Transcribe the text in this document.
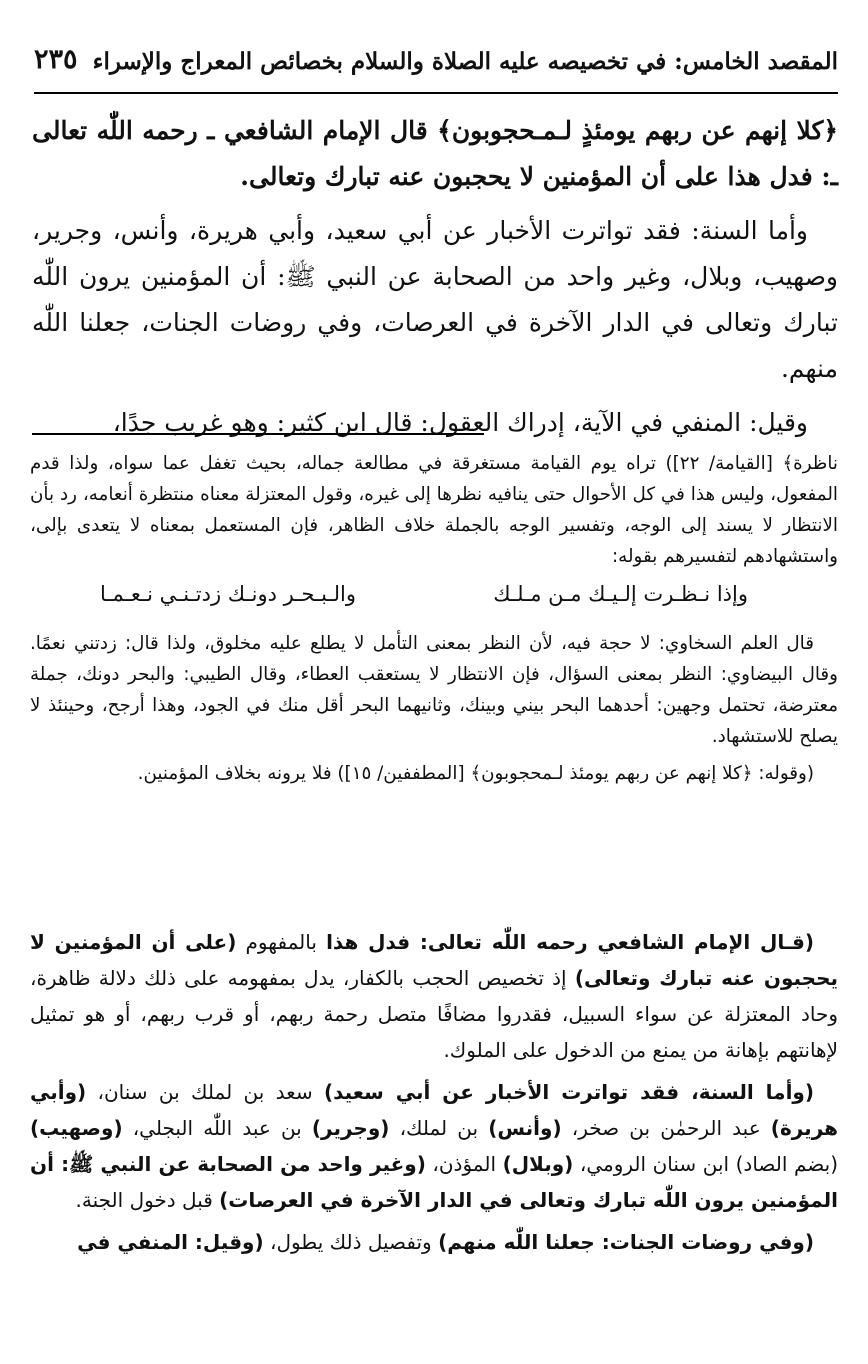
المقصد الخامس: في تخصيصه عليه الصلاة والسلام بخصائص المعراج والإسراء
٢٣٥

﴿كلا إنهم عن ربهم يومئذٍ لـمـحجوبون﴾ قال الإمام الشافعي ـ رحمه اللّٰه تعالى ـ: فدل هذا على أن المؤمنين لا يحجبون عنه تبارك وتعالى.

وأما السنة: فقد تواترت الأخبار عن أبي سعيد، وأبي هريرة، وأنس، وجرير، وصهيب، وبلال، وغير واحد من الصحابة عن النبي ﷺ: أن المؤمنين يرون اللّٰه تبارك وتعالى في الدار الآخرة في العرصات، وفي روضات الجنات، جعلنا اللّٰه منهم.

وقيل: المنفي في الآية، إدراك العقول: قال ابن كثير: وهو غريب جدًا،

ناظرة﴾ [القيامة/ ٢٢]) تراه يوم القيامة مستغرقة في مطالعة جماله، بحيث تغفل عما سواه، ولذا قدم المفعول، وليس هذا في كل الأحوال حتى ينافيه نظرها إلى غيره، وقول المعتزلة معناه منتظرة أنعامه، رد بأن الانتظار لا يسند إلى الوجه، وتفسير الوجه بالجملة خلاف الظاهر، فإن المستعمل بمعناه لا يتعدى بإلى، واستشهادهم لتفسيرهم بقوله:

وإذا نـظـرت إلـيـك مـن مـلـك
والـبـحـر دونـك زدتـنـي نـعـمـا

قال العلم السخاوي: لا حجة فيه، لأن النظر بمعنى التأمل لا يطلع عليه مخلوق، ولذا قال: زدتني نعمًا. وقال البيضاوي: النظر بمعنى السؤال، فإن الانتظار لا يستعقب العطاء، وقال الطيبي: والبحر دونك، جملة معترضة، تحتمل وجهين: أحدهما البحر بيني وبينك، وثانيهما البحر أقل منك في الجود، وهذا أرجح، وحينئذ لا يصلح للاستشهاد.

(وقوله: ﴿كلا إنهم عن ربهم يومئذ لـمحجوبون﴾ [المطففين/ ١٥]) فلا يرونه بخلاف المؤمنين.

(قـال الإمام الشافعي رحمه اللّٰه تعالى: فدل هذا بالمفهوم (على أن المؤمنين لا يحجبون عنه تبارك وتعالى) إذ تخصيص الحجب بالكفار، يدل بمفهومه على ذلك دلالة ظاهرة، وحاد المعتزلة عن سواء السبيل، فقدروا مضافًا متصل رحمة ربهم، أو قرب ربهم، أو هو تمثيل لإهانتهم بإهانة من يمنع من الدخول على الملوك.

(وأما السنة، فقد تواترت الأخبار عن أبي سعيد) سعد بن لملك بن سنان، (وأبي هريرة) عبد الرحمٰن بن صخر، (وأنس) بن لملك، (وجرير) بن عبد اللّٰه البجلي، (وصهيب) (بضم الصاد) ابن سنان الرومي، (وبلال) المؤذن، (وغير واحد من الصحابة عن النبي ﷺ: أن المؤمنين يرون اللّٰه تبارك وتعالى في الدار الآخرة في العرصات) قبل دخول الجنة.

(وفي روضات الجنات: جعلنا اللّٰه منهم) وتفصيل ذلك يطول، (وقيل: المنفي في
